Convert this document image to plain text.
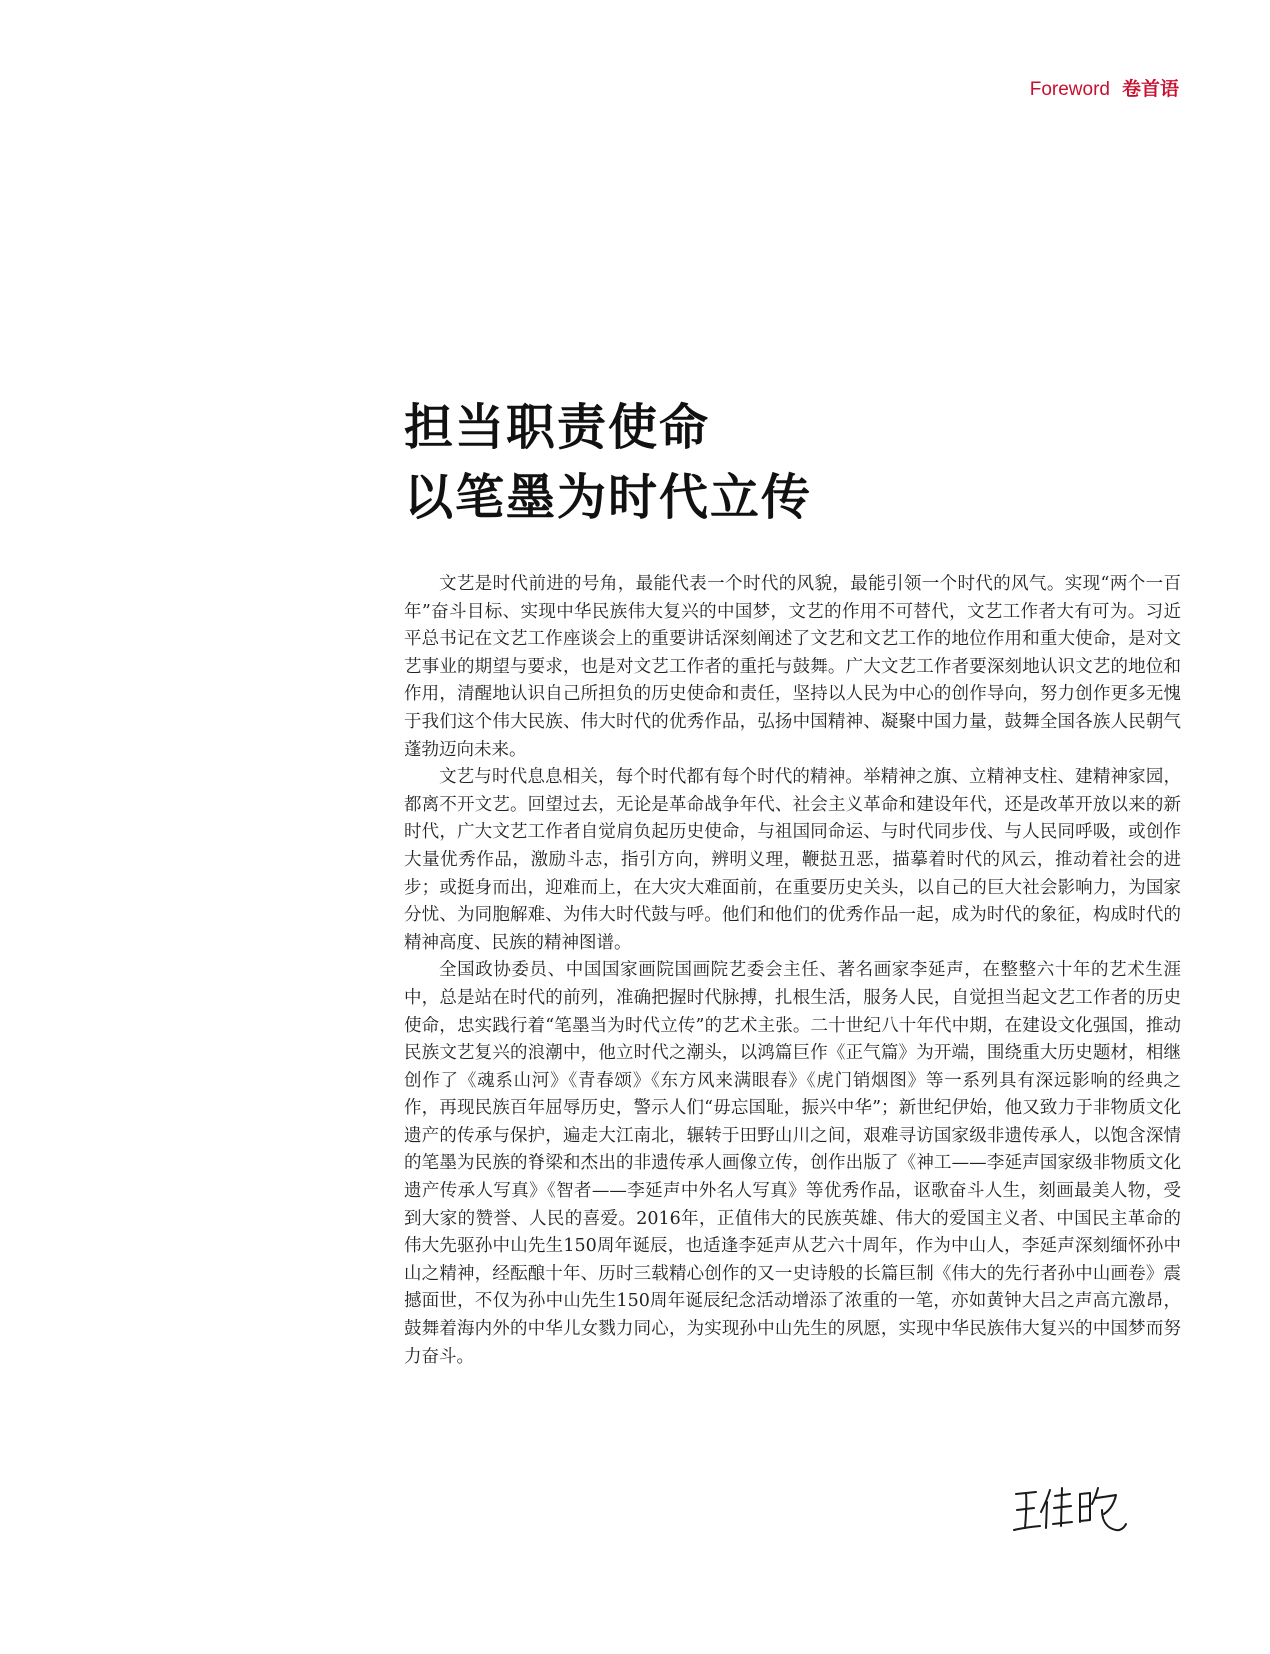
Foreword 卷首语
担当职责使命
以笔墨为时代立传

文艺是时代前进的号角，最能代表一个时代的风貌，最能引领一个时代的风气。实现“两个一百年”奋斗目标、实现中华民族伟大复兴的中国梦，文艺的作用不可替代，文艺工作者大有可为。习近平总书记在文艺工作座谈会上的重要讲话深刻阐述了文艺和文艺工作的地位作用和重大使命，是对文艺事业的期望与要求，也是对文艺工作者的重托与鼓舞。广大文艺工作者要深刻地认识文艺的地位和作用，清醒地认识自己所担负的历史使命和责任，坚持以人民为中心的创作导向，努力创作更多无愧于我们这个伟大民族、伟大时代的优秀作品，弘扬中国精神、凝聚中国力量，鼓舞全国各族人民朝气蓬勃迈向未来。

文艺与时代息息相关，每个时代都有每个时代的精神。举精神之旗、立精神支柱、建精神家园，都离不开文艺。回望过去，无论是革命战争年代、社会主义革命和建设年代，还是改革开放以来的新时代，广大文艺工作者自觉肩负起历史使命，与祖国同命运、与时代同步伐、与人民同呼吸，或创作大量优秀作品，激励斗志，指引方向，辨明义理，鞭挞丑恶，描摹着时代的风云，推动着社会的进步；或挺身而出，迎难而上，在大灾大难面前，在重要历史关头，以自己的巨大社会影响力，为国家分忧、为同胞解难、为伟大时代鼓与呼。他们和他们的优秀作品一起，成为时代的象征，构成时代的精神高度、民族的精神图谱。

全国政协委员、中国国家画院国画院艺委会主任、著名画家李延声，在整整六十年的艺术生涯中，总是站在时代的前列，准确把握时代脉搏，扎根生活，服务人民，自觉担当起文艺工作者的历史使命，忠实践行着“笔墨当为时代立传”的艺术主张。二十世纪八十年代中期，在建设文化强国，推动民族文艺复兴的浪潮中，他立时代之潮头，以鸿篇巨作《正气篇》为开端，围绕重大历史题材，相继创作了《魂系山河》《青春颂》《东方风来满眼春》《虎门销烟图》等一系列具有深远影响的经典之作，再现民族百年屈辱历史，警示人们“毋忘国耻，振兴中华”；新世纪伊始，他又致力于非物质文化遗产的传承与保护，遍走大江南北，辗转于田野山川之间，艰难寻访国家级非遗传承人，以饱含深情的笔墨为民族的脊梁和杰出的非遗传承人画像立传，创作出版了《神工——李延声国家级非物质文化遗产传承人写真》《智者——李延声中外名人写真》等优秀作品，讴歌奋斗人生，刻画最美人物，受到大家的赞誉、人民的喜爱。2016年，正值伟大的民族英雄、伟大的爱国主义者、中国民主革命的伟大先驱孙中山先生150周年诞辰，也适逢李延声从艺六十周年，作为中山人，李延声深刻缅怀孙中山之精神，经酝酿十年、历时三载精心创作的又一史诗般的长篇巨制《伟大的先行者孙中山画卷》震撼面世，不仅为孙中山先生150周年诞辰纪念活动增添了浓重的一笔，亦如黄钟大吕之声高亢激昂，鼓舞着海内外的中华儿女戮力同心，为实现孙中山先生的夙愿，实现中华民族伟大复兴的中国梦而努力奋斗。
